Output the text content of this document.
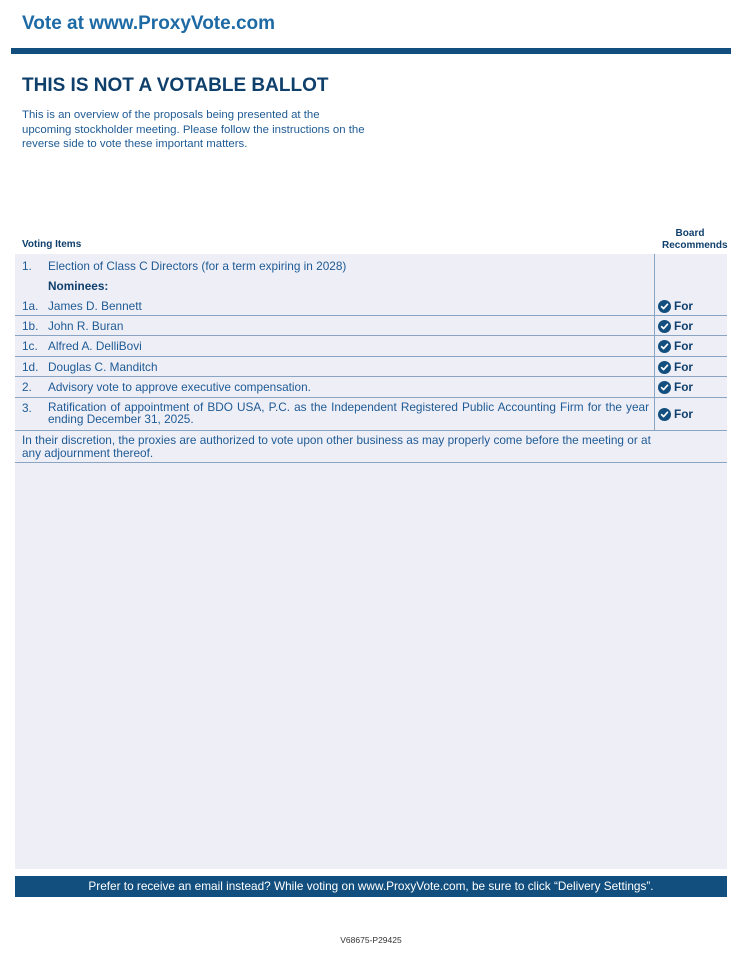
Vote at www.ProxyVote.com
THIS IS NOT A VOTABLE BALLOT
This is an overview of the proposals being presented at the upcoming stockholder meeting. Please follow the instructions on the reverse side to vote these important matters.
Voting Items
Board Recommends
1. Election of Class C Directors (for a term expiring in 2028)
Nominees:
1a. James D. Bennett	For
1b. John R. Buran	For
1c. Alfred A. DelliBovi	For
1d. Douglas C. Manditch	For
2. Advisory vote to approve executive compensation.	For
3. Ratification of appointment of BDO USA, P.C. as the Independent Registered Public Accounting Firm for the year ending December 31, 2025.	For
In their discretion, the proxies are authorized to vote upon other business as may properly come before the meeting or at any adjournment thereof.
Prefer to receive an email instead? While voting on www.ProxyVote.com, be sure to click “Delivery Settings”.
V68675-P29425
